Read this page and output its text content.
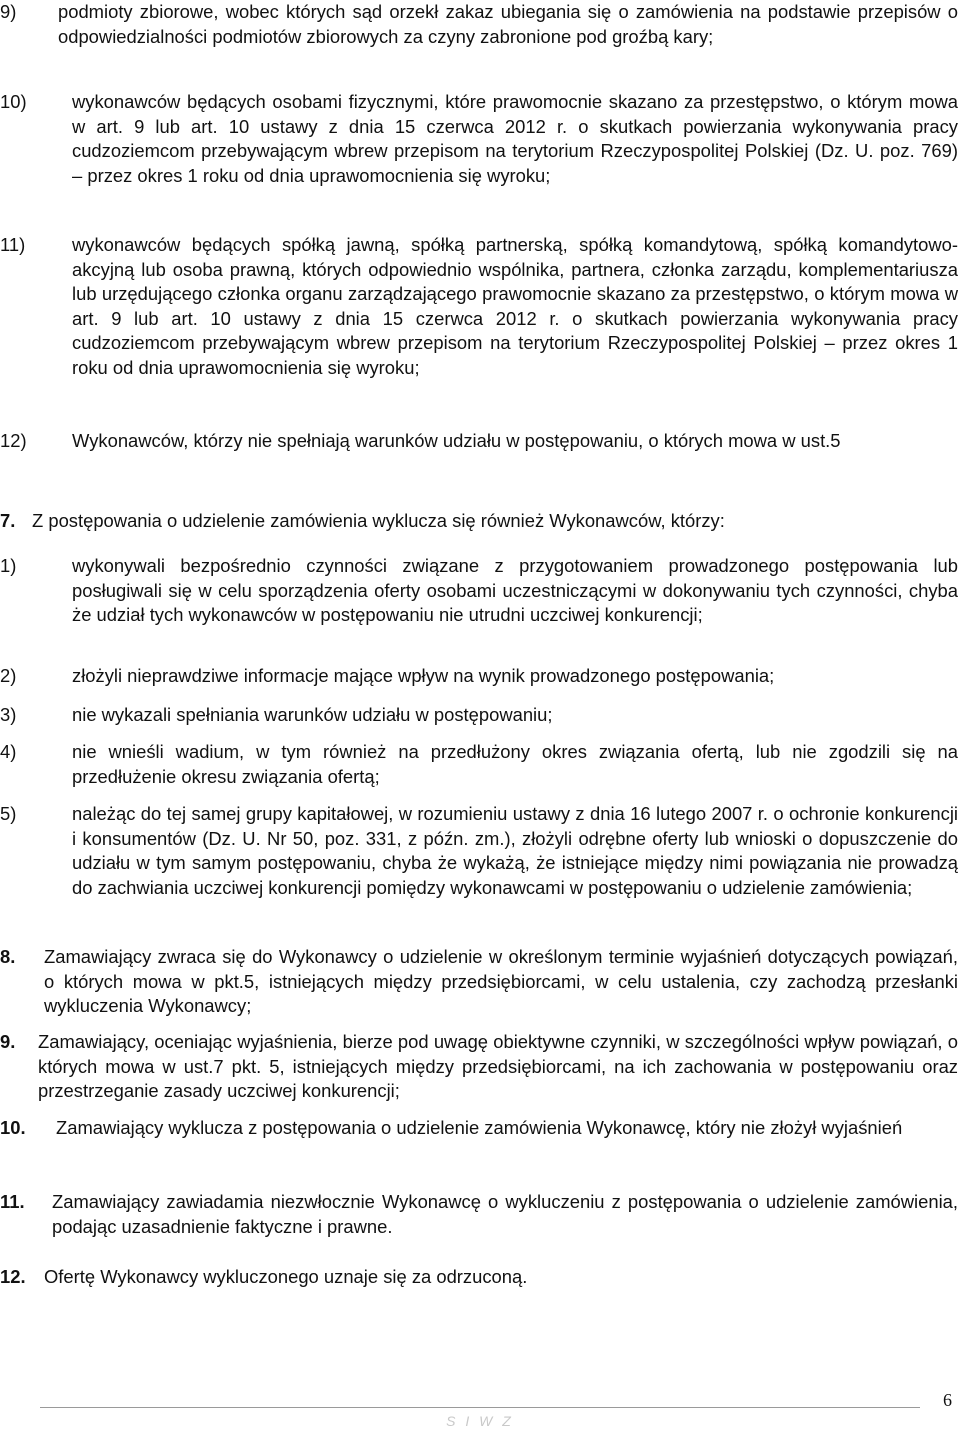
9)	podmioty zbiorowe, wobec których sąd orzekł zakaz ubiegania się o zamówienia na podstawie przepisów o odpowiedzialności podmiotów zbiorowych za czyny zabronione pod groźbą kary;
10)	wykonawców będących osobami fizycznymi, które prawomocnie skazano za przestępstwo, o którym mowa w art. 9 lub art. 10 ustawy z dnia 15 czerwca 2012 r. o skutkach powierzania wykonywania pracy cudzoziemcom przebywającym wbrew przepisom na terytorium Rzeczypospolitej Polskiej (Dz. U. poz. 769) – przez okres 1 roku od dnia uprawomocnienia się wyroku;
11)	wykonawców będących spółką jawną, spółką partnerską, spółką komandytową, spółką komandytowo-akcyjną lub osoba prawną, których odpowiednio wspólnika, partnera, członka zarządu, komplementariusza lub urzędującego członka organu zarządzającego prawomocnie skazano za przestępstwo, o którym mowa w art. 9 lub art. 10 ustawy z dnia 15 czerwca 2012 r. o skutkach powierzania wykonywania pracy cudzoziemcom przebywającym wbrew przepisom na terytorium Rzeczypospolitej Polskiej – przez okres 1 roku od dnia uprawomocnienia się wyroku;
12)	Wykonawców, którzy nie spełniają warunków udziału w postępowaniu, o których mowa w ust.5
7. Z postępowania o udzielenie zamówienia wyklucza się również Wykonawców, którzy:
1)	wykonywali bezpośrednio czynności związane z przygotowaniem prowadzonego postępowania lub posługiwali się w celu sporządzenia oferty osobami uczestniczącymi w dokonywaniu tych czynności, chyba że udział tych wykonawców w postępowaniu nie utrudni uczciwej konkurencji;
2)	złożyli nieprawdziwe informacje mające wpływ na wynik prowadzonego postępowania;
3)	nie wykazali spełniania warunków udziału w postępowaniu;
4)	nie wnieśli wadium, w tym również na przedłużony okres związania ofertą, lub nie zgodzili się na przedłużenie okresu związania ofertą;
5)	należąc do tej samej grupy kapitałowej, w rozumieniu ustawy z dnia 16 lutego 2007 r. o ochronie konkurencji i konsumentów (Dz. U. Nr 50, poz. 331, z późn. zm.), złożyli odrębne oferty lub wnioski o dopuszczenie do udziału w tym samym postępowaniu, chyba że wykażą, że istniejące między nimi powiązania nie prowadzą do zachwiania uczciwej konkurencji pomiędzy wykonawcami w postępowaniu o udzielenie zamówienia;
8.	Zamawiający zwraca się do Wykonawcy o udzielenie w określonym terminie wyjaśnień dotyczących powiązań, o których mowa w pkt.5, istniejących między przedsiębiorcami, w celu ustalenia, czy zachodzą przesłanki wykluczenia Wykonawcy;
9.	Zamawiający, oceniając wyjaśnienia, bierze pod uwagę obiektywne czynniki, w szczególności wpływ powiązań, o których mowa w ust.7 pkt. 5, istniejących między przedsiębiorcami, na ich zachowania w postępowaniu oraz przestrzeganie zasady uczciwej konkurencji;
10.	Zamawiający wyklucza z postępowania o udzielenie zamówienia Wykonawcę, który nie złożył wyjaśnień
11.	Zamawiający zawiadamia niezwłocznie Wykonawcę o wykluczeniu z postępowania o udzielenie zamówienia, podając uzasadnienie faktyczne i prawne.
12.	Ofertę Wykonawcy wykluczonego uznaje się za odrzuconą.
S I W Z
6
